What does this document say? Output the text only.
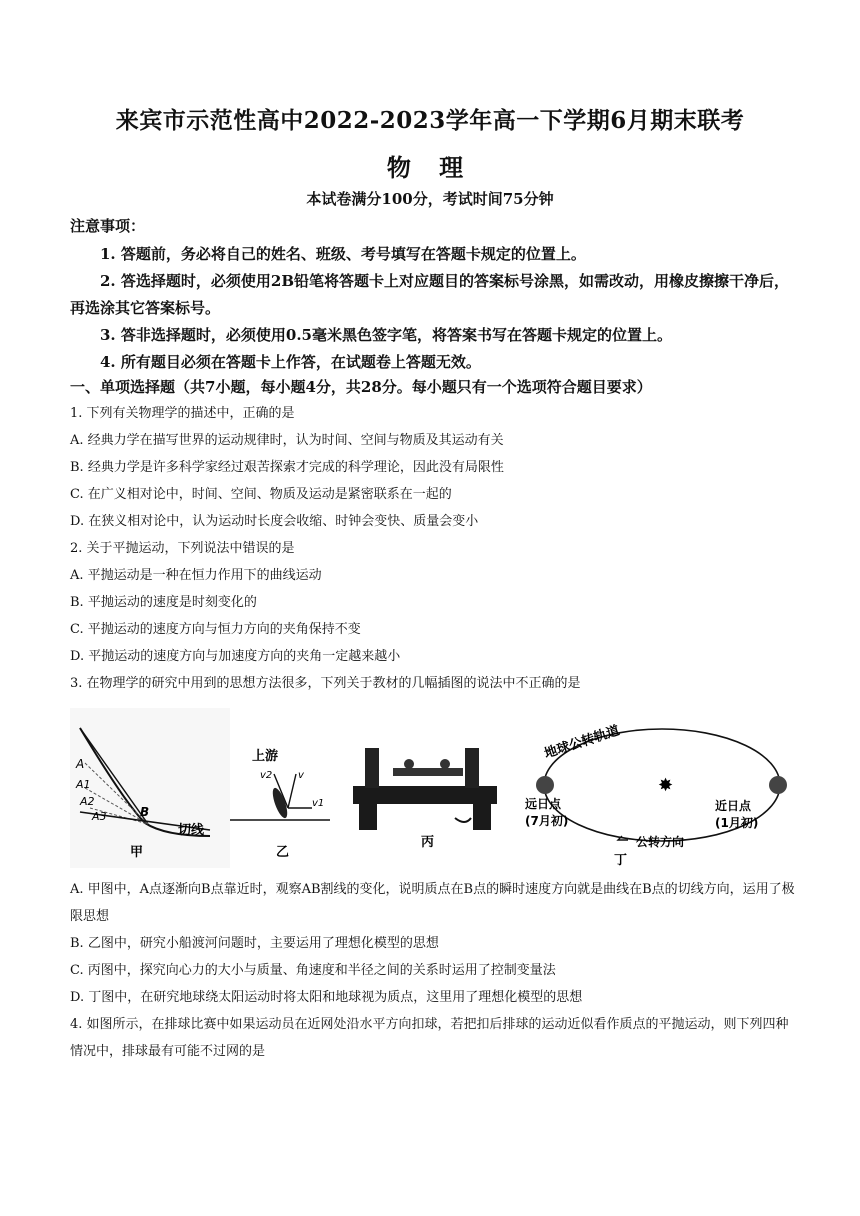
来宾市示范性高中2022-2023学年高一下学期6月期末联考
物 理
本试卷满分100分，考试时间75分钟
注意事项：
1. 答题前，务必将自己的姓名、班级、考号填写在答题卡规定的位置上。
2. 答选择题时，必须使用2B铅笔将答题卡上对应题目的答案标号涂黑，如需改动，用橡皮擦擦干净后，再选涂其它答案标号。
3. 答非选择题时，必须使用0.5毫米黑色签字笔，将答案书写在答题卡规定的位置上。
4. 所有题目必须在答题卡上作答，在试题卷上答题无效。
一、单项选择题（共7小题，每小题4分，共28分。每小题只有一个选项符合题目要求）
1. 下列有关物理学的描述中，正确的是
A. 经典力学在描写世界的运动规律时，认为时间、空间与物质及其运动有关
B. 经典力学是许多科学家经过艰苦探索才完成的科学理论，因此没有局限性
C. 在广义相对论中，时间、空间、物质及运动是紧密联系在一起的
D. 在狭义相对论中，认为运动时长度会收缩、时钟会变快、质量会变小
2. 关于平抛运动，下列说法中错误的是
A. 平抛运动是一种在恒力作用下的曲线运动
B. 平抛运动的速度是时刻变化的
C. 平抛运动的速度方向与恒力方向的夹角保持不变
D. 平抛运动的速度方向与加速度方向的夹角一定越来越小
3. 在物理学的研究中用到的思想方法很多，下列关于教材的几幅插图的说法中不正确的是
A
A1
A2
A3	B
切线
甲
上游
v2	v
v1
乙
丙
地球公转轨道
✸
远日点
(7月初)
近日点
(1月初)
公转方向
丁
A. 甲图中，A点逐渐向B点靠近时，观察AB割线的变化，说明质点在B点的瞬时速度方向就是曲线在B点的切线方向，运用了极限思想
B. 乙图中，研究小船渡河问题时，主要运用了理想化模型的思想
C. 丙图中，探究向心力的大小与质量、角速度和半径之间的关系时运用了控制变量法
D. 丁图中，在研究地球绕太阳运动时将太阳和地球视为质点，这里用了理想化模型的思想
4. 如图所示，在排球比赛中如果运动员在近网处沿水平方向扣球，若把扣后排球的运动近似看作质点的平抛运动，则下列四种情况中，排球最有可能不过网的是
